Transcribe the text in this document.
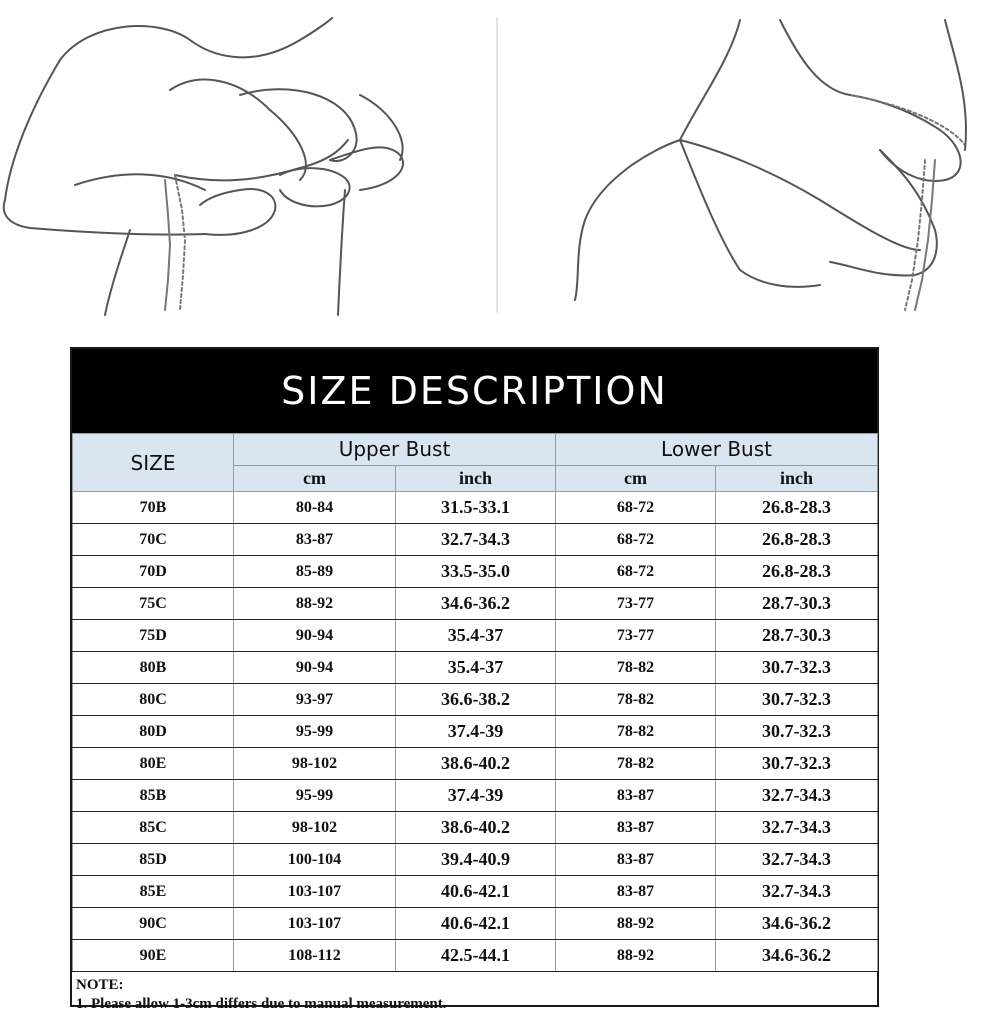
SIZE DESCRIPTION
SIZE	Upper Bust		Lower Bust	
	cm	inch	cm	inch
70B	80-84	31.5-33.1	68-72	26.8-28.3
70C	83-87	32.7-34.3	68-72	26.8-28.3
70D	85-89	33.5-35.0	68-72	26.8-28.3
75C	88-92	34.6-36.2	73-77	28.7-30.3
75D	90-94	35.4-37	73-77	28.7-30.3
80B	90-94	35.4-37	78-82	30.7-32.3
80C	93-97	36.6-38.2	78-82	30.7-32.3
80D	95-99	37.4-39	78-82	30.7-32.3
80E	98-102	38.6-40.2	78-82	30.7-32.3
85B	95-99	37.4-39	83-87	32.7-34.3
85C	98-102	38.6-40.2	83-87	32.7-34.3
85D	100-104	39.4-40.9	83-87	32.7-34.3
85E	103-107	40.6-42.1	83-87	32.7-34.3
90C	103-107	40.6-42.1	88-92	34.6-36.2
90E	108-112	42.5-44.1	88-92	34.6-36.2
NOTE:
1. Please allow 1-3cm differs due to manual measurement.
